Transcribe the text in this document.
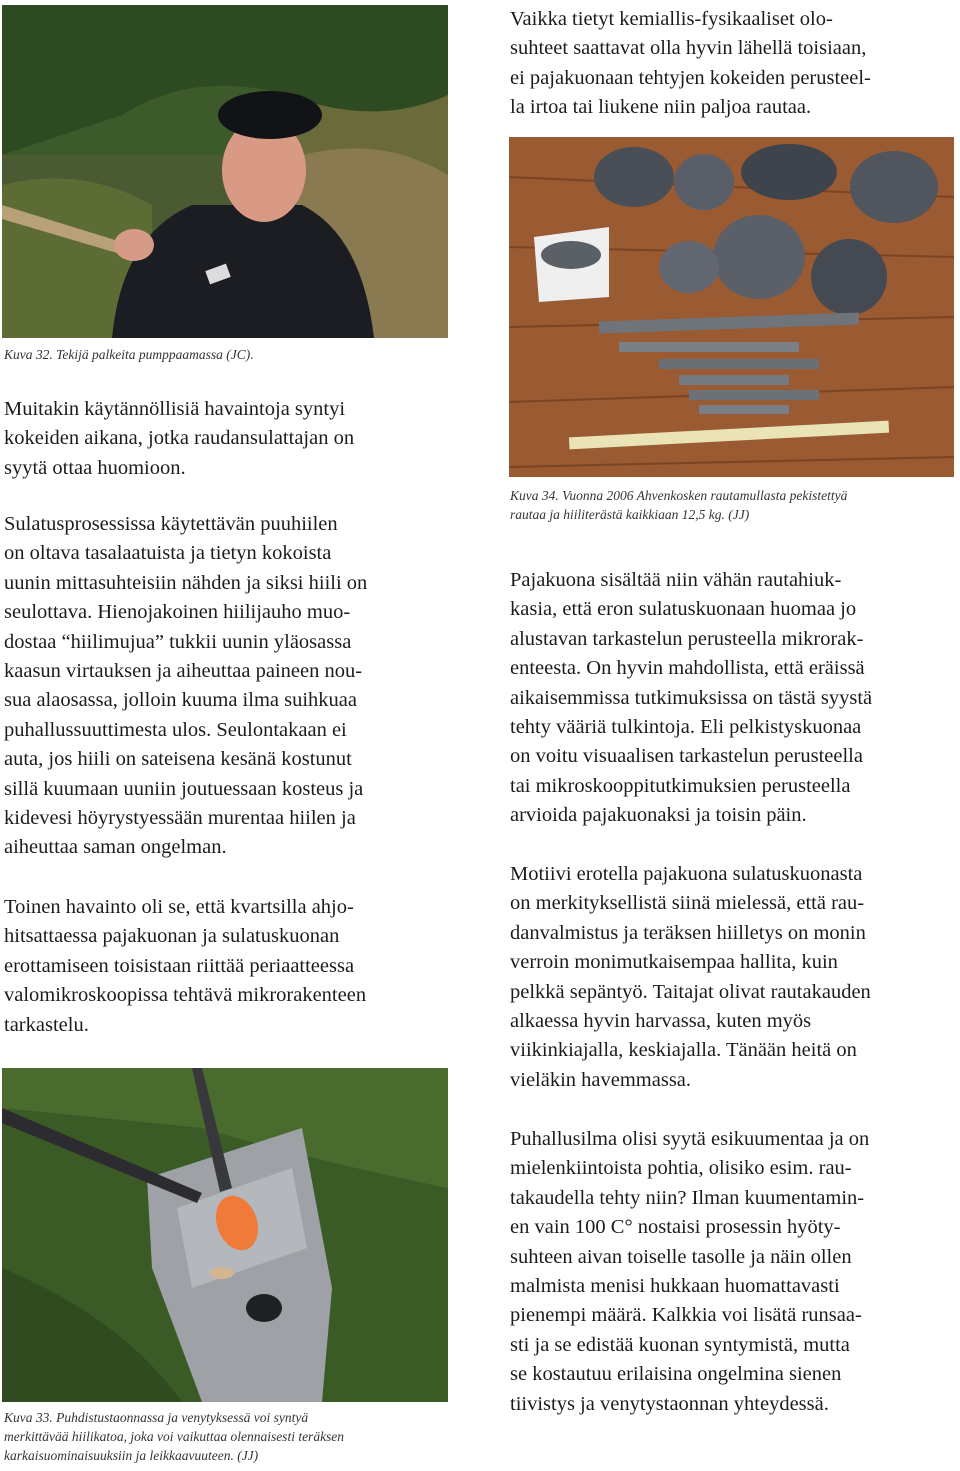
Kuva 32. Tekijä palkeita pumppaamassa (JC).

Vaikka tietyt kemiallis-fysikaaliset olo-
suhteet saattavat olla hyvin lähellä toisiaan,
ei pajakuonaan tehtyjen kokeiden perusteel-
la irtoa tai liukene niin paljoa rautaa.

Kuva 34. Vuonna 2006 Ahvenkosken rautamullasta pekistettyä
rautaa ja hiiliterästä kaikkiaan 12,5 kg. (JJ)

Muitakin käytännöllisiä havaintoja syntyi
kokeiden aikana, jotka raudansulattajan on
syytä ottaa huomioon.

Sulatusprosessissa käytettävän puuhiilen
on oltava tasalaatuista ja tietyn kokoista
uunin mittasuhteisiin nähden ja siksi hiili on
seulottava. Hienojakoinen hiilijauho muo-
dostaa “hiilimujua” tukkii uunin yläosassa
kaasun virtauksen ja aiheuttaa paineen nou-
sua alaosassa, jolloin kuuma ilma suihkuaa
puhallussuuttimesta ulos. Seulontakaan ei
auta, jos hiili on sateisena kesänä kostunut
sillä kuumaan uuniin joutuessaan kosteus ja
kidevesi höyrystyessään murentaa hiilen ja
aiheuttaa saman ongelman.

Toinen havainto oli se, että kvartsilla ahjo-
hitsattaessa pajakuonan ja sulatuskuonan
erottamiseen toisistaan riittää periaatteessa
valomikroskoopissa tehtävä mikrorakenteen
tarkastelu.

Kuva 33. Puhdistustaonnassa ja venytyksessä voi syntyä
merkittävää hiilikatoa, joka voi vaikuttaa olennaisesti teräksen
karkaisuominaisuuksiin ja leikkaavuuteen. (JJ)

Pajakuona sisältää niin vähän rautahiuk-
kasia, että eron sulatuskuonaan huomaa jo
alustavan tarkastelun perusteella mikrorak-
enteesta. On hyvin mahdollista, että eräissä
aikaisemmissa tutkimuksissa on tästä syystä
tehty vääriä tulkintoja. Eli pelkistyskuonaa
on voitu visuaalisen tarkastelun perusteella
tai mikroskooppitutkimuksien perusteella
arvioida pajakuonaksi ja toisin päin.

Motiivi erotella pajakuona sulatuskuonasta
on merkityksellistä siinä mielessä, että rau-
danvalmistus ja teräksen hiilletys on monin
verroin monimutkaisempaa hallita, kuin
pelkkä sepäntyö. Taitajat olivat rautakauden
alkaessa hyvin harvassa, kuten myös
viikinkiajalla, keskiajalla. Tänään heitä on
vieläkin havemmassa.

Puhallusilma olisi syytä esikuumentaa ja on
mielenkiintoista pohtia, olisiko esim. rau-
takaudella tehty niin? Ilman kuumentamin-
en vain 100 C° nostaisi prosessin hyöty-
suhteen aivan toiselle tasolle ja näin ollen
malmista menisi hukkaan huomattavasti
pienempi määrä. Kalkkia voi lisätä runsaa-
sti ja se edistää kuonan syntymistä, mutta
se kostautuu erilaisina ongelmina sienen
tiivistys ja venytystaonnan yhteydessä.
